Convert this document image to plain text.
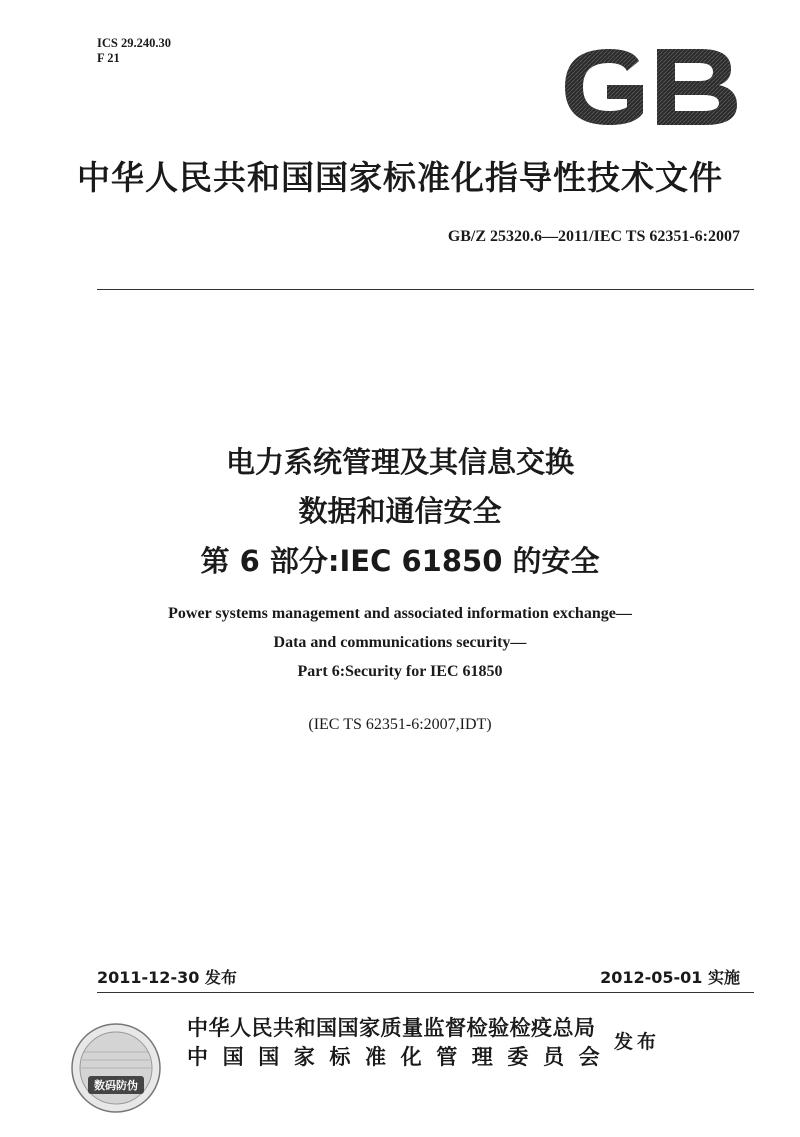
ICS 29.240.30
F 21
中华人民共和国国家标准化指导性技术文件
GB/Z 25320.6—2011/IEC TS 62351-6:2007
电力系统管理及其信息交换
数据和通信安全
第 6 部分:IEC 61850 的安全
Power systems management and associated information exchange—
Data and communications security—
Part 6:Security for IEC 61850
(IEC TS 62351-6:2007,IDT)
2011-12-30 发布	2012-05-01 实施
数码防伪
中华人民共和国国家质量监督检验检疫总局
中国国家标准化管理委员会
发布
